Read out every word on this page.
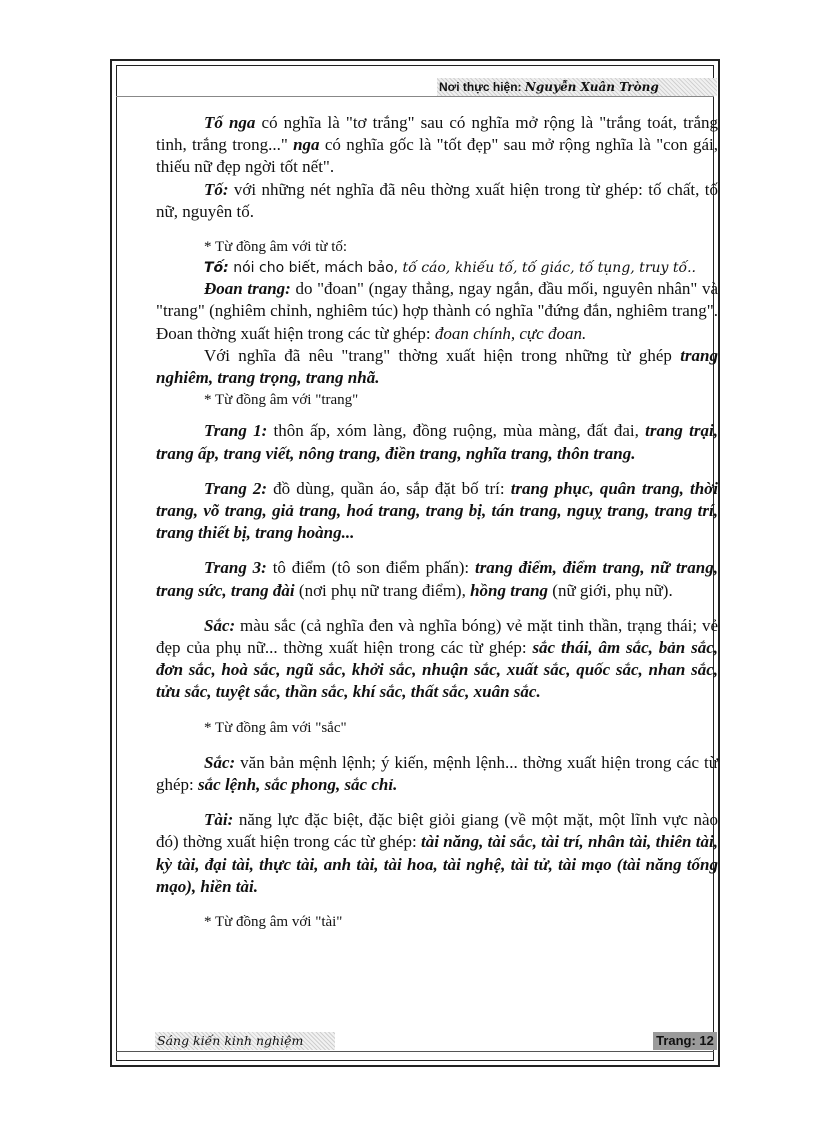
Nơi thực hiện: Nguyễn Xuân Tròng

Tố nga có nghĩa là "tơ trắng" sau có nghĩa mở rộng là "trắng toát, trắng tinh, trắng trong..." nga có nghĩa gốc là "tốt đẹp" sau mở rộng nghĩa là "con gái, thiếu nữ đẹp ngời tốt nết".

Tố: với những nét nghĩa đã nêu thờng xuất hiện trong từ ghép: tố chất, tố nữ, nguyên tố.

* Từ đồng âm với từ tố:

Tố: nói cho biết, mách bảo, tố cáo, khiếu tố, tố giác, tố tụng, truy tố..

Đoan trang: do "đoan" (ngay thẳng, ngay ngắn, đầu mối, nguyên nhân" và "trang" (nghiêm chỉnh, nghiêm túc) hợp thành có nghĩa "đứng đắn, nghiêm trang". Đoan thờng xuất hiện trong các từ ghép: đoan chính, cực đoan.

Với nghĩa đã nêu "trang" thờng xuất hiện trong những từ ghép trang nghiêm, trang trọng, trang nhã.

* Từ đồng âm với "trang"

Trang 1: thôn ấp, xóm làng, đồng ruộng, mùa màng, đất đai, trang trại, trang ấp, trang viết, nông trang, điền trang, nghĩa trang, thôn trang.

Trang 2: đồ dùng, quần áo, sắp đặt bố trí: trang phục, quân trang, thời trang, võ trang, giả trang, hoá trang, trang bị, tán trang, nguỵ trang, trang trí, trang thiết bị, trang hoàng...

Trang 3: tô điểm (tô son điểm phấn): trang điểm, điểm trang, nữ trang, trang sức, trang đài (nơi phụ nữ trang điểm), hồng trang (nữ giới, phụ nữ).

Sắc: màu sắc (cả nghĩa đen và nghĩa bóng) vẻ mặt tinh thần, trạng thái; vẻ đẹp của phụ nữ... thờng xuất hiện trong các từ ghép: sắc thái, âm sắc, bản sắc, đơn sắc, hoà sắc, ngũ sắc, khởi sắc, nhuận sắc, xuất sắc, quốc sắc, nhan sắc, tửu sắc, tuyệt sắc, thần sắc, khí sắc, thất sắc, xuân sắc.

* Từ đồng âm với "sắc"

Sắc: văn bản mệnh lệnh; ý kiến, mệnh lệnh... thờng xuất hiện trong các từ ghép: sắc lệnh, sắc phong, sắc chỉ.

Tài: năng lực đặc biệt, đặc biệt giỏi giang (về một mặt, một lĩnh vực nào đó) thờng xuất hiện trong các từ ghép: tài năng, tài sắc, tài trí, nhân tài, thiên tài, kỳ tài, đại tài, thực tài, anh tài, tài hoa, tài nghệ, tài tử, tài mạo (tài năng tống mạo), hiền tài.

* Từ đồng âm với "tài"

Sáng kiến kinh nghiệm	Trang: 12
